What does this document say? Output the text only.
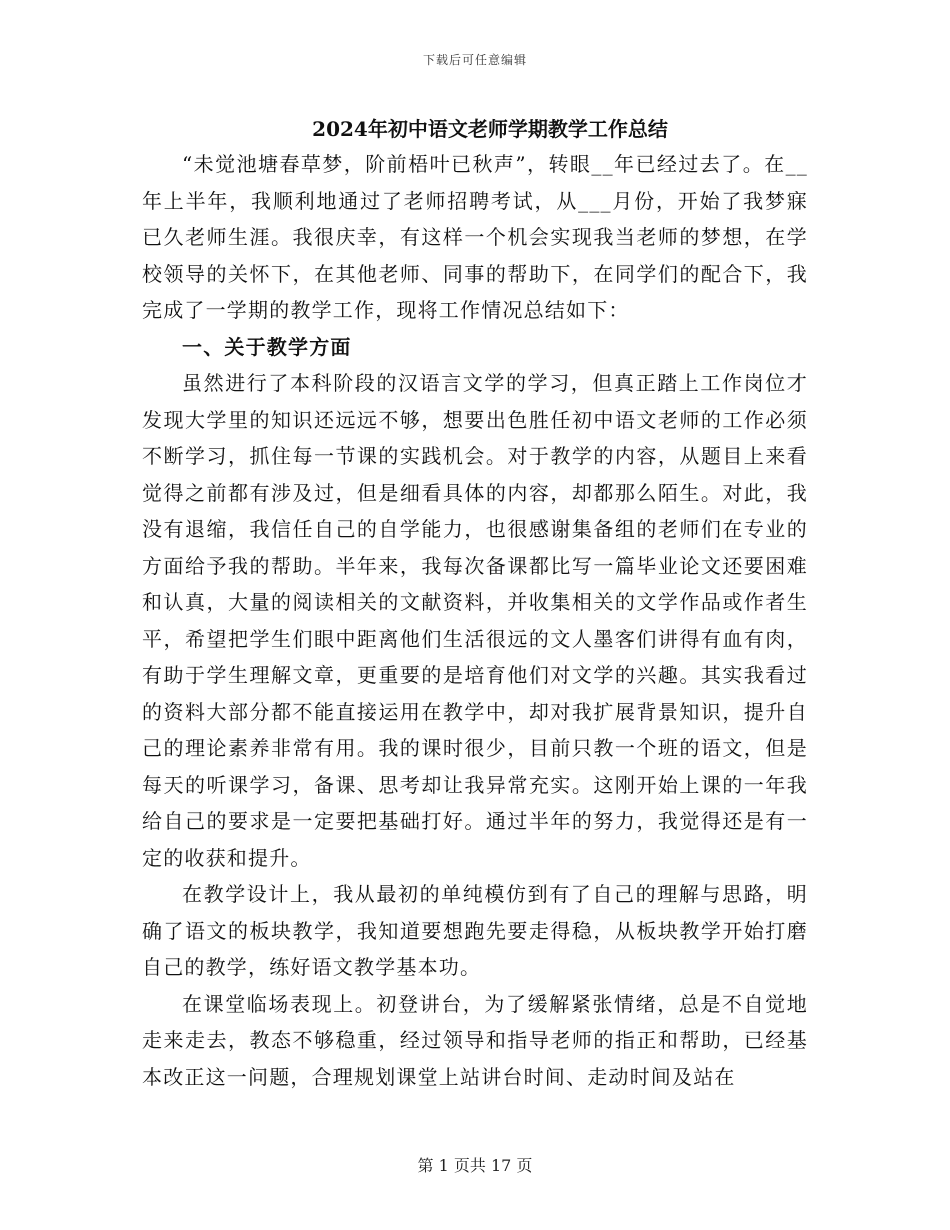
下载后可任意编辑
2024年初中语文老师学期教学工作总结

“未觉池塘春草梦，阶前梧叶已秋声”，转眼__年已经过去了。在__年上半年，我顺利地通过了老师招聘考试，从___月份，开始了我梦寐已久老师生涯。我很庆幸，有这样一个机会实现我当老师的梦想，在学校领导的关怀下，在其他老师、同事的帮助下，在同学们的配合下，我完成了一学期的教学工作，现将工作情况总结如下：

一、关于教学方面

虽然进行了本科阶段的汉语言文学的学习，但真正踏上工作岗位才发现大学里的知识还远远不够，想要出色胜任初中语文老师的工作必须不断学习，抓住每一节课的实践机会。对于教学的内容，从题目上来看觉得之前都有涉及过，但是细看具体的内容，却都那么陌生。对此，我没有退缩，我信任自己的自学能力，也很感谢集备组的老师们在专业的方面给予我的帮助。半年来，我每次备课都比写一篇毕业论文还要困难和认真，大量的阅读相关的文献资料，并收集相关的文学作品或作者生平，希望把学生们眼中距离他们生活很远的文人墨客们讲得有血有肉，有助于学生理解文章，更重要的是培育他们对文学的兴趣。其实我看过的资料大部分都不能直接运用在教学中，却对我扩展背景知识，提升自己的理论素养非常有用。我的课时很少，目前只教一个班的语文，但是每天的听课学习，备课、思考却让我异常充实。这刚开始上课的一年我给自己的要求是一定要把基础打好。通过半年的努力，我觉得还是有一定的收获和提升。

在教学设计上，我从最初的单纯模仿到有了自己的理解与思路，明确了语文的板块教学，我知道要想跑先要走得稳，从板块教学开始打磨自己的教学，练好语文教学基本功。

在课堂临场表现上。初登讲台，为了缓解紧张情绪，总是不自觉地走来走去，教态不够稳重，经过领导和指导老师的指正和帮助，已经基本改正这一问题，合理规划课堂上站讲台时间、走动时间及站在

第 1 页共 17 页
